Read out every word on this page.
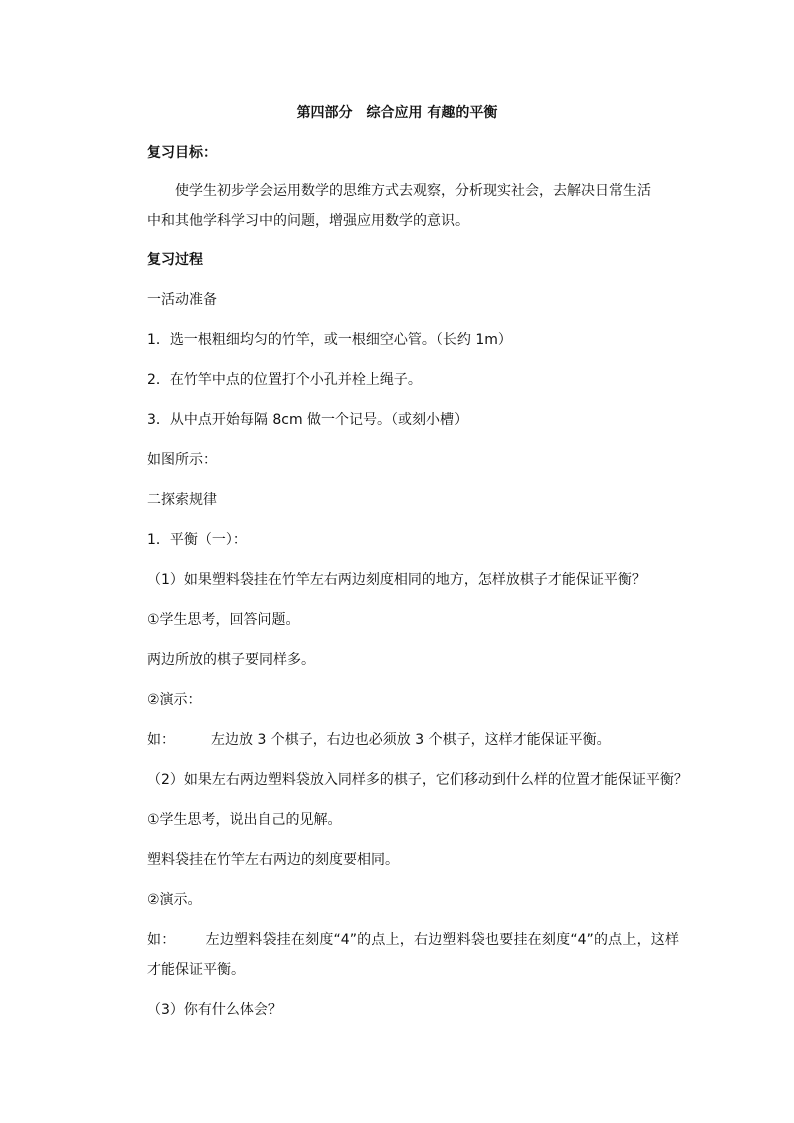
第四部分　综合应用 有趣的平衡
复习目标：
使学生初步学会运用数学的思维方式去观察，分析现实社会，去解决日常生活中和其他学科学习中的问题，增强应用数学的意识。
复习过程
一活动准备
1．选一根粗细均匀的竹竿，或一根细空心管。（长约 1m）
2．在竹竿中点的位置打个小孔并栓上绳子。
3．从中点开始每隔 8cm 做一个记号。（或刻小槽）
如图所示：
二探索规律
1．平衡（一）：
（1）如果塑料袋挂在竹竿左右两边刻度相同的地方，怎样放棋子才能保证平衡？
①学生思考，回答问题。
两边所放的棋子要同样多。
②演示：
如：	左边放 3 个棋子，右边也必须放 3 个棋子，这样才能保证平衡。
（2）如果左右两边塑料袋放入同样多的棋子，它们移动到什么样的位置才能保证平衡？
①学生思考，说出自己的见解。
塑料袋挂在竹竿左右两边的刻度要相同。
②演示。
如： 左边塑料袋挂在刻度“4”的点上，右边塑料袋也要挂在刻度“4”的点上，这样才能保证平衡。
（3）你有什么体会？
